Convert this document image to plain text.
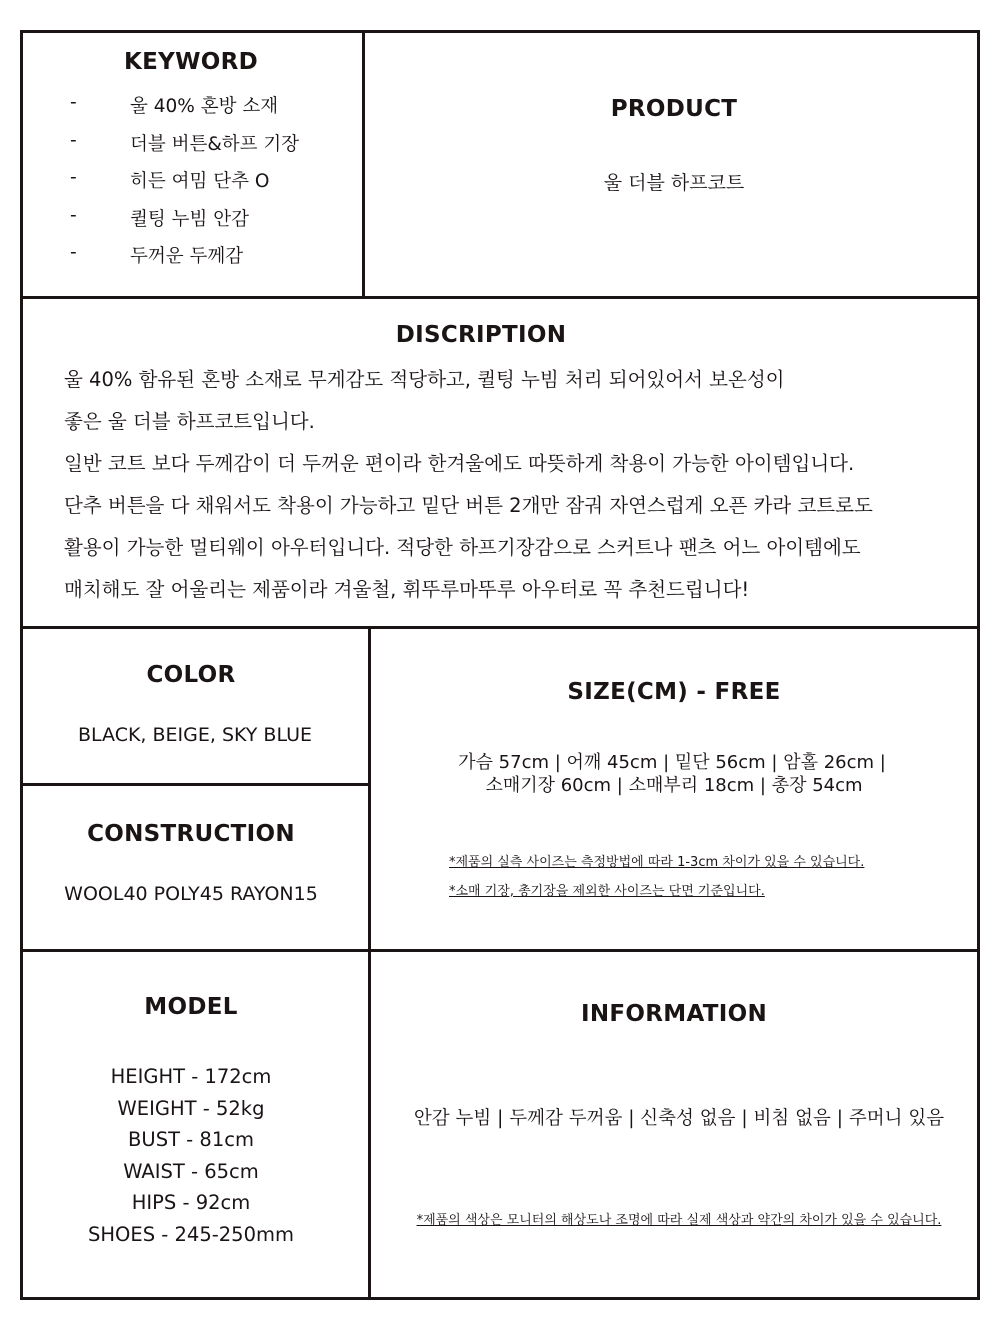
KEYWORD
-	울 40% 혼방 소재
-	더블 버튼&하프 기장
-	히든 여밈 단추 O
-	퀼팅 누빔 안감
-	두꺼운 두께감
PRODUCT
울 더블 하프코트
DISCRIPTION
울 40% 함유된 혼방 소재로 무게감도 적당하고, 퀼팅 누빔 처리 되어있어서 보온성이
좋은 울 더블 하프코트입니다.
일반 코트 보다 두께감이 더 두꺼운 편이라 한겨울에도 따뜻하게 착용이 가능한 아이템입니다.
단추 버튼을 다 채워서도 착용이 가능하고 밑단 버튼 2개만 잠궈 자연스럽게 오픈 카라 코트로도
활용이 가능한 멀티웨이 아우터입니다. 적당한 하프기장감으로 스커트나 팬츠 어느 아이템에도
매치해도 잘 어울리는 제품이라 겨울철, 휘뚜루마뚜루 아우터로 꼭 추천드립니다!
COLOR
BLACK, BEIGE, SKY BLUE
CONSTRUCTION
WOOL40 POLY45 RAYON15
SIZE(CM) - FREE
가슴 57cm | 어깨 45cm | 밑단 56cm | 암홀 26cm |
소매기장 60cm | 소매부리 18cm | 총장 54cm
*제품의 실측 사이즈는 측정방법에 따라 1-3cm 차이가 있을 수 있습니다.
*소매 기장, 총기장을 제외한 사이즈는 단면 기준입니다.
MODEL
HEIGHT - 172cm
WEIGHT - 52kg
BUST - 81cm
WAIST - 65cm
HIPS - 92cm
SHOES - 245-250mm
INFORMATION
안감 누빔 | 두께감 두꺼움 | 신축성 없음 | 비침 없음 | 주머니 있음
*제품의 색상은 모니터의 해상도나 조명에 따라 실제 색상과 약간의 차이가 있을 수 있습니다.
